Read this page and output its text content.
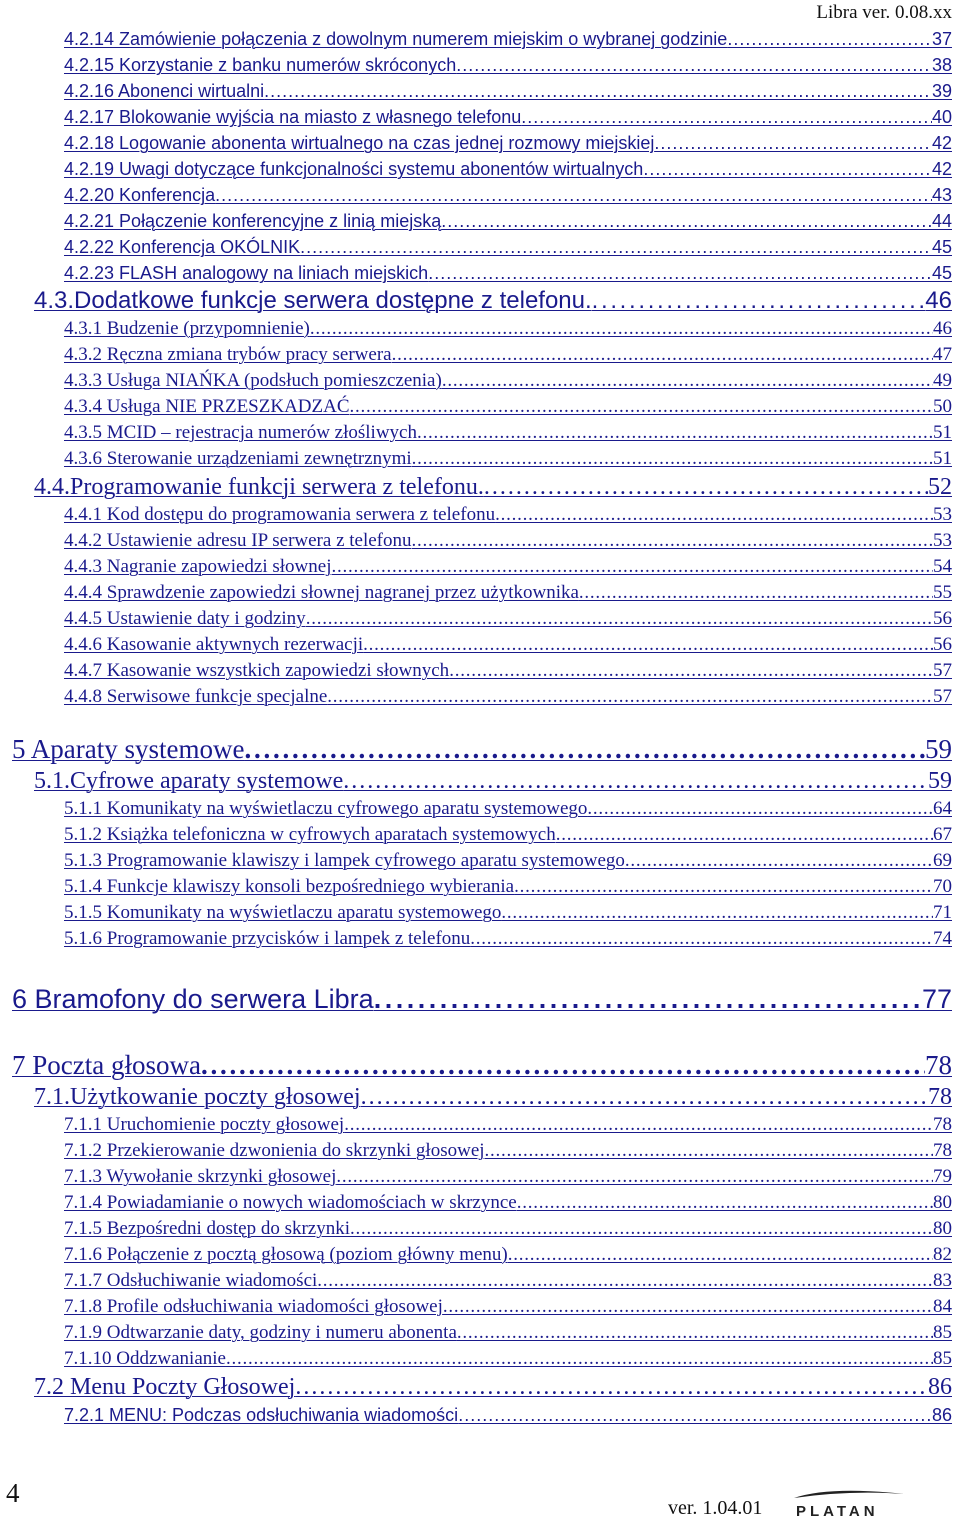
Libra ver. 0.08.xx
4.2.14 Zamówienie połączenia z dowolnym numerem miejskim o wybranej godzinie . . .	37
4.2.15 Korzystanie z banku numerów skróconych . . .	38
4.2.16 Abonenci wirtualni . . .	39
4.2.17 Blokowanie wyjścia na miasto z własnego telefonu . . .	40
4.2.18 Logowanie abonenta wirtualnego na czas jednej rozmowy miejskiej . . .	42
4.2.19 Uwagi dotyczące funkcjonalności systemu abonentów wirtualnych . . .	42
4.2.20 Konferencja . . .	43
4.2.21 Połączenie konferencyjne z linią miejską . . .	44
4.2.22 Konferencja OKÓLNIK . . .	45
4.2.23 FLASH analogowy na liniach miejskich . . .	45
4.3.Dodatkowe funkcje serwera dostępne z telefonu. . . .	46
4.3.1 Budzenie (przypomnienie) . . .	46
4.3.2 Ręczna zmiana trybów pracy serwera . . .	47
4.3.3 Usługa NIAŃKA (podsłuch pomieszczenia) . . .	49
4.3.4 Usługa NIE PRZESZKADZAĆ . . .	50
4.3.5 MCID – rejestracja numerów złośliwych . . .	51
4.3.6 Sterowanie urządzeniami zewnętrznymi . . .	51
4.4.Programowanie funkcji serwera z telefonu. . . .	52
4.4.1 Kod dostępu do programowania serwera z telefonu . . .	53
4.4.2 Ustawienie adresu IP serwera z telefonu . . .	53
4.4.3 Nagranie zapowiedzi słownej . . .	54
4.4.4 Sprawdzenie zapowiedzi słownej nagranej przez użytkownika . . .	55
4.4.5 Ustawienie daty i godziny . . .	56
4.4.6 Kasowanie aktywnych rezerwacji . . .	56
4.4.7 Kasowanie wszystkich zapowiedzi słownych . . .	57
4.4.8 Serwisowe funkcje specjalne . . .	57
5 Aparaty systemowe . . .	59
5.1.Cyfrowe aparaty systemowe . . .	59
5.1.1 Komunikaty na wyświetlaczu cyfrowego aparatu systemowego . . .	64
5.1.2 Książka telefoniczna w cyfrowych aparatach systemowych . . .	67
5.1.3 Programowanie klawiszy i lampek cyfrowego aparatu systemowego . . .	69
5.1.4 Funkcje klawiszy konsoli bezpośredniego wybierania . . .	70
5.1.5 Komunikaty na wyświetlaczu aparatu systemowego . . .	71
5.1.6 Programowanie przycisków i lampek z telefonu . . .	74
6 Bramofony do serwera Libra . . .	77
7 Poczta głosowa . . .	78
7.1.Użytkowanie poczty głosowej . . .	78
7.1.1 Uruchomienie poczty głosowej . . .	78
7.1.2 Przekierowanie dzwonienia do skrzynki głosowej . . .	78
7.1.3 Wywołanie skrzynki głosowej . . .	79
7.1.4 Powiadamianie o nowych wiadomościach w skrzynce . . .	80
7.1.5 Bezpośredni dostęp do skrzynki . . .	80
7.1.6 Połączenie z pocztą głosową (poziom główny menu) . . .	82
7.1.7 Odsłuchiwanie wiadomości . . .	83
7.1.8 Profile odsłuchiwania wiadomości głosowej . . .	84
7.1.9 Odtwarzanie daty, godziny i numeru abonenta . . .	85
7.1.10 Oddzwanianie . . .	85
7.2 Menu Poczty Głosowej . . .	86
7.2.1 MENU: Podczas odsłuchiwania wiadomości . . .	86
4	ver. 1.04.01 PLATAN
